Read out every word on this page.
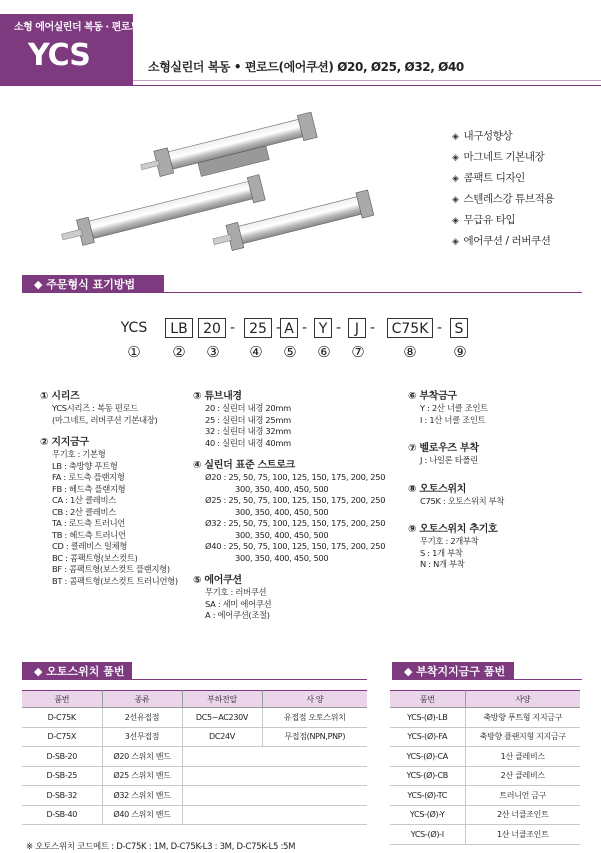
소형 에어실린더 복동 · 편로드
YCS	소형실린더 복동 • 편로드(에어쿠션) Ø20, Ø25, Ø32, Ø40
◈ 내구성향상
◈ 마그네트 기본내장
◈ 콤팩트 디자인
◈ 스텐레스강 튜브적용
◈ 무급유 타입
◈ 에어쿠션 / 러버쿠션
◆ 주문형식 표기방법
YCS	LB	20 -	25 - A - Y - J -	C75K - S
① ② ③ ④ ⑤ ⑥ ⑦	⑧ ⑨
① 시리즈
YCS시리즈 : 복동 편로드
(마그네트, 러버쿠션 기본내장)
② 지지금구
무기호 : 기본형
LB : 축방향 푸트형
FA : 로드측 플랜지형
FB : 헤드측 플랜지형
CA : 1산 클레비스
CB : 2산 클레비스
TA : 로드측 트러니언
TB : 헤드측 트러니언
CD : 클레비스 일체형
BC : 콤팩트형(보스컷트)
BF : 콤팩트형(보스컷트 플랜지형)
BT : 콤팩트형(보스컷트 트러니언형)
③ 튜브내경
20 : 실린더 내경 20mm
25 : 실린더 내경 25mm
32 : 실린더 내경 32mm
40 : 실린더 내경 40mm
④ 실린더 표준 스트로크
Ø20 : 25, 50, 75, 100, 125, 150, 175, 200, 250
300, 350, 400, 450, 500
Ø25 : 25, 50, 75, 100, 125, 150, 175, 200, 250
300, 350, 400, 450, 500
Ø32 : 25, 50, 75, 100, 125, 150, 175, 200, 250
300, 350, 400, 450, 500
Ø40 : 25, 50, 75, 100, 125, 150, 175, 200, 250
300, 350, 400, 450, 500
⑤ 에어쿠션
무기호 : 러버쿠션
SA : 세미 에어쿠션
A : 에어쿠션(조절)
⑥ 부착금구
Y : 2산 너클 조인트
I : 1산 너클 조인트
⑦ 벨로우즈 부착
J : 나일론 타폴린
⑧ 오토스위치
C75K : 오토스위치 부착
⑨ 오토스위치 추기호
무기호 : 2개부착
S : 1개 부착
N : N개 부착
◆ 오토스위치 품번
품번	종류	부하전압	사 양
D-C75K	2선유접점	DC5~AC230V	유접점 오토스위치
D-C75X	3선무접점	DC24V	무접점(NPN,PNP)
D-SB-20	Ø20 스위치 밴드		
D-SB-25	Ø25 스위치 밴드		
D-SB-32	Ø32 스위치 밴드		
D-SB-40	Ø40 스위치 밴드		
※ 오토스위치 코드메트 : D-C75K : 1M, D-C75K-L3 : 3M, D-C75K-L5 :5M
◆ 부착지지금구 품번
품번	사양
YCS-(Ø)-LB	축방향 푸트형 지지금구
YCS-(Ø)-FA	축방향 플랜지형 지지금구
YCS-(Ø)-CA	1산 클레비스
YCS-(Ø)-CB	2산 클레비스
YCS-(Ø)-TC	트러니언 금구
YCS-(Ø)-Y	2산 너클조인트
YCS-(Ø)-I	1산 너클조인트
